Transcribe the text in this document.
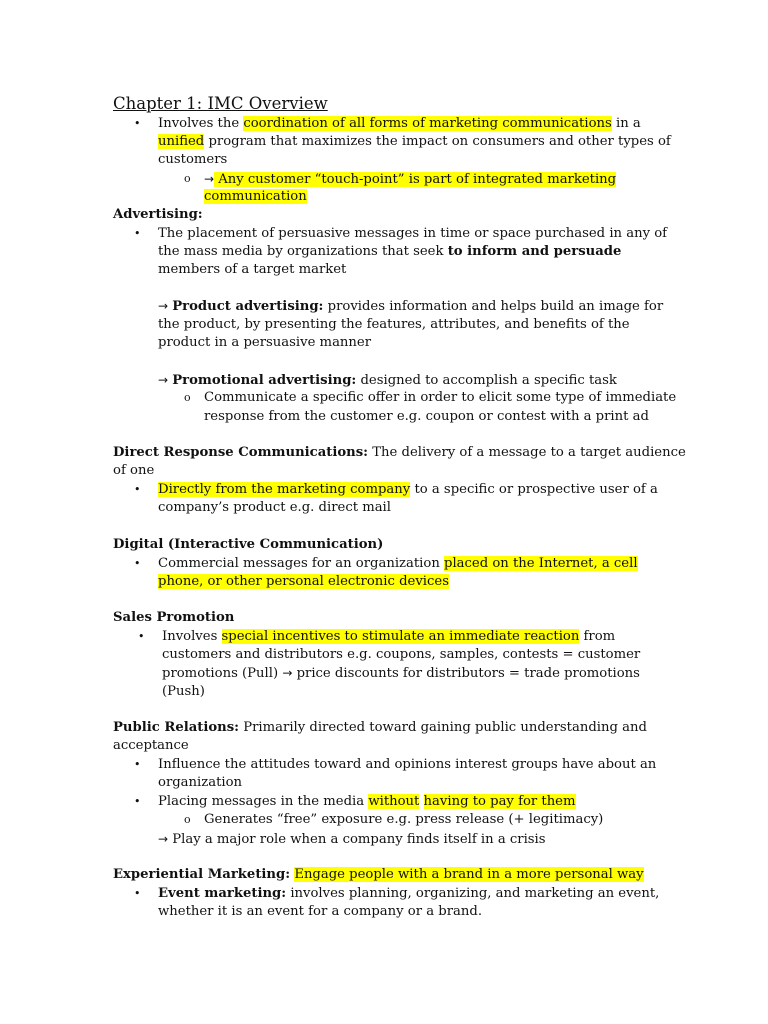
Chapter 1: IMC Overview
• Involves the coordination of all forms of marketing communications in a
unified program that maximizes the impact on consumers and other types of
customers
o → Any customer “touch-point” is part of integrated marketing
communication
Advertising:
• The placement of persuasive messages in time or space purchased in any of
the mass media by organizations that seek to inform and persuade
members of a target market
→ Product advertising: provides information and helps build an image for
the product, by presenting the features, attributes, and benefits of the
product in a persuasive manner
→ Promotional advertising: designed to accomplish a specific task
o Communicate a specific offer in order to elicit some type of immediate
response from the customer e.g. coupon or contest with a print ad
Direct Response Communications: The delivery of a message to a target audience
of one
• Directly from the marketing company to a specific or prospective user of a
company’s product e.g. direct mail
Digital (Interactive Communication)
• Commercial messages for an organization placed on the Internet, a cell
phone, or other personal electronic devices
Sales Promotion
• Involves special incentives to stimulate an immediate reaction from
customers and distributors e.g. coupons, samples, contests = customer
promotions (Pull) → price discounts for distributors = trade promotions
(Push)
Public Relations: Primarily directed toward gaining public understanding and
acceptance
• Influence the attitudes toward and opinions interest groups have about an
organization
• Placing messages in the media without having to pay for them
o Generates “free” exposure e.g. press release (+ legitimacy)
→ Play a major role when a company finds itself in a crisis
Experiential Marketing: Engage people with a brand in a more personal way
• Event marketing: involves planning, organizing, and marketing an event,
whether it is an event for a company or a brand.
